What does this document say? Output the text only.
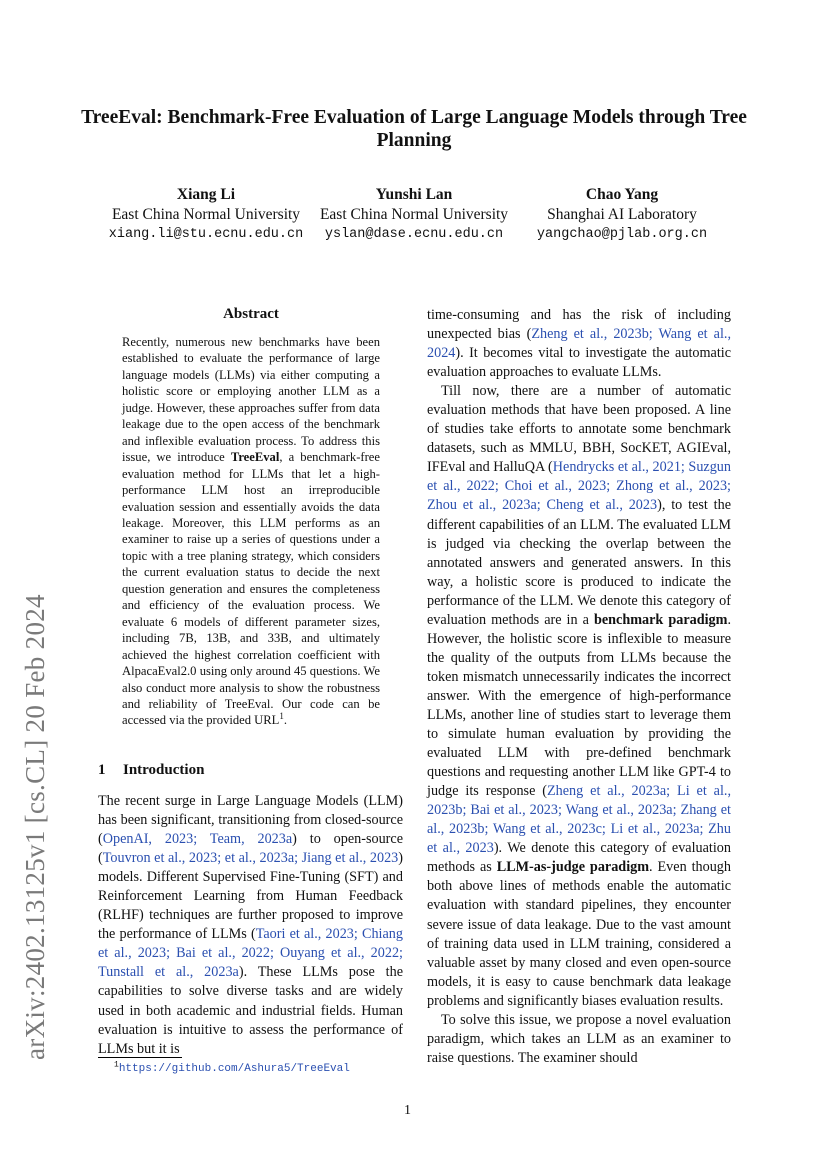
arXiv:2402.13125v1 [cs.CL] 20 Feb 2024
TreeEval: Benchmark-Free Evaluation of Large Language Models through Tree Planning
Xiang Li
East China Normal University
xiang.li@stu.ecnu.edu.cn
Yunshi Lan
East China Normal University
yslan@dase.ecnu.edu.cn
Chao Yang
Shanghai AI Laboratory
yangchao@pjlab.org.cn
Abstract
Recently, numerous new benchmarks have been established to evaluate the performance of large language models (LLMs) via either computing a holistic score or employing another LLM as a judge. However, these approaches suffer from data leakage due to the open access of the benchmark and inflexible evaluation process. To address this issue, we introduce TreeEval, a benchmark-free evaluation method for LLMs that let a high-performance LLM host an irreproducible evaluation session and essentially avoids the data leakage. Moreover, this LLM performs as an examiner to raise up a series of questions under a topic with a tree planing strategy, which considers the current evaluation status to decide the next question generation and ensures the completeness and efficiency of the evaluation process. We evaluate 6 models of different parameter sizes, including 7B, 13B, and 33B, and ultimately achieved the highest correlation coefficient with AlpacaEval2.0 using only around 45 questions. We also conduct more analysis to show the robustness and reliability of TreeEval. Our code can be accessed via the provided URL$^1$.
1 Introduction

The recent surge in Large Language Models (LLM) has been significant, transitioning from closed-source (OpenAI, 2023; Team, 2023a) to open-source (Touvron et al., 2023; et al., 2023a; Jiang et al., 2023) models. Different Supervised Fine-Tuning (SFT) and Reinforcement Learning from Human Feedback (RLHF) techniques are further proposed to improve the performance of LLMs (Taori et al., 2023; Chiang et al., 2023; Bai et al., 2022; Ouyang et al., 2022; Tunstall et al., 2023a). These LLMs pose the capabilities to solve diverse tasks and are widely used in both academic and industrial fields. Human evaluation is intuitive to assess the performance of LLMs but it is

time-consuming and has the risk of including unexpected bias (Zheng et al., 2023b; Wang et al., 2024). It becomes vital to investigate the automatic evaluation approaches to evaluate LLMs.

Till now, there are a number of automatic evaluation methods that have been proposed. A line of studies take efforts to annotate some benchmark datasets, such as MMLU, BBH, SocKET, AGIEval, IFEval and HalluQA (Hendrycks et al., 2021; Suzgun et al., 2022; Choi et al., 2023; Zhong et al., 2023; Zhou et al., 2023a; Cheng et al., 2023), to test the different capabilities of an LLM. The evaluated LLM is judged via checking the overlap between the annotated answers and generated answers. In this way, a holistic score is produced to indicate the performance of the LLM. We denote this category of evaluation methods are in a benchmark paradigm. However, the holistic score is inflexible to measure the quality of the outputs from LLMs because the token mismatch unnecessarily indicates the incorrect answer. With the emergence of high-performance LLMs, another line of studies start to leverage them to simulate human evaluation by providing the evaluated LLM with pre-defined benchmark questions and requesting another LLM like GPT-4 to judge its response (Zheng et al., 2023a; Li et al., 2023b; Bai et al., 2023; Wang et al., 2023a; Zhang et al., 2023b; Wang et al., 2023c; Li et al., 2023a; Zhu et al., 2023). We denote this category of evaluation methods as LLM-as-judge paradigm. Even though both above lines of methods enable the automatic evaluation with standard pipelines, they encounter severe issue of data leakage. Due to the vast amount of training data used in LLM training, considered a valuable asset by many closed and even open-source models, it is easy to cause benchmark data leakage problems and significantly biases evaluation results.

To solve this issue, we propose a novel evaluation paradigm, which takes an LLM as an examiner to raise questions. The examiner should

$^1$https://github.com/Ashura5/TreeEval
1
